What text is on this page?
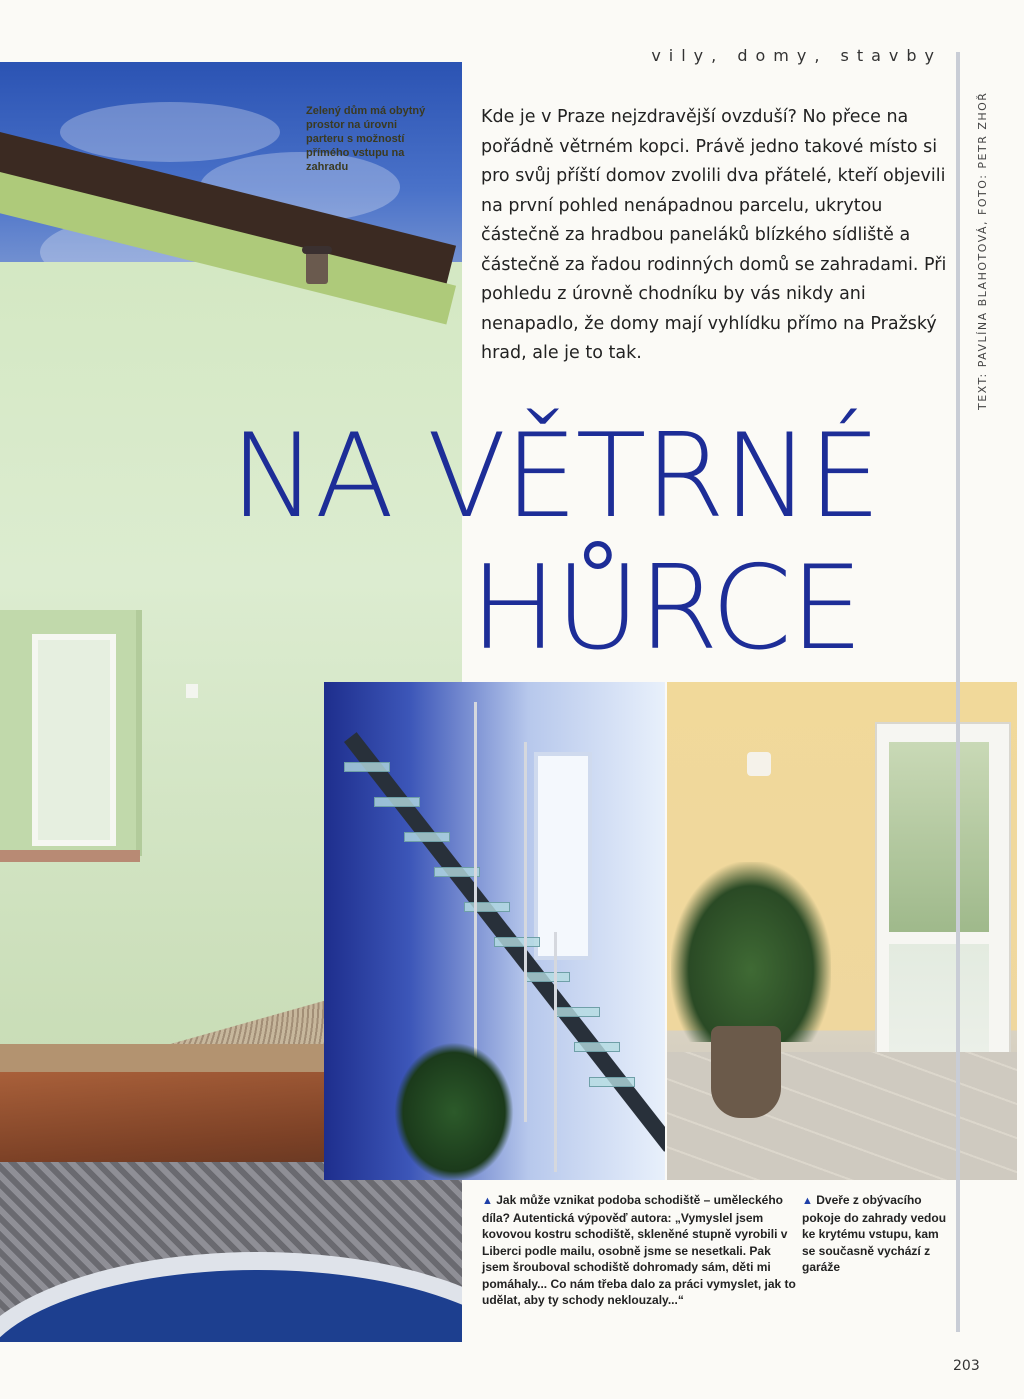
vily, domy, stavby
TEXT: PAVLÍNA BLAHOTOVÁ, FOTO: PETR ZHOŘ
Zelený dům má obytný prostor na úrovni parteru s možností přímého vstupu na zahradu
Kde je v Praze nejzdravější ovzduší? No přece na pořádně větrném kopci. Právě jedno takové místo si pro svůj příští domov zvolili dva přátelé, kteří objevili na první pohled nenápadnou parcelu, ukrytou částečně za hradbou paneláků blízkého sídliště a částečně za řadou rodinných domů se zahradami. Při pohledu z úrovně chodníku by vás nikdy ani nenapadlo, že domy mají vyhlídku přímo na Pražský hrad, ale je to tak.
NA VĚTRNÉ
HŮRCE
▲ Jak může vznikat podoba schodiště – uměleckého díla? Autentická výpověď autora: „Vymyslel jsem kovovou kostru schodiště, skleněné stupně vyrobili v Liberci podle mailu, osobně jsme se nesetkali. Pak jsem šrouboval schodiště dohromady sám, děti mi pomáhaly... Co nám třeba dalo za práci vymyslet, jak to udělat, aby ty schody neklouzaly...“
▲ Dveře z obývacího pokoje do zahrady vedou ke krytému vstupu, kam se současně vychází z garáže
203
